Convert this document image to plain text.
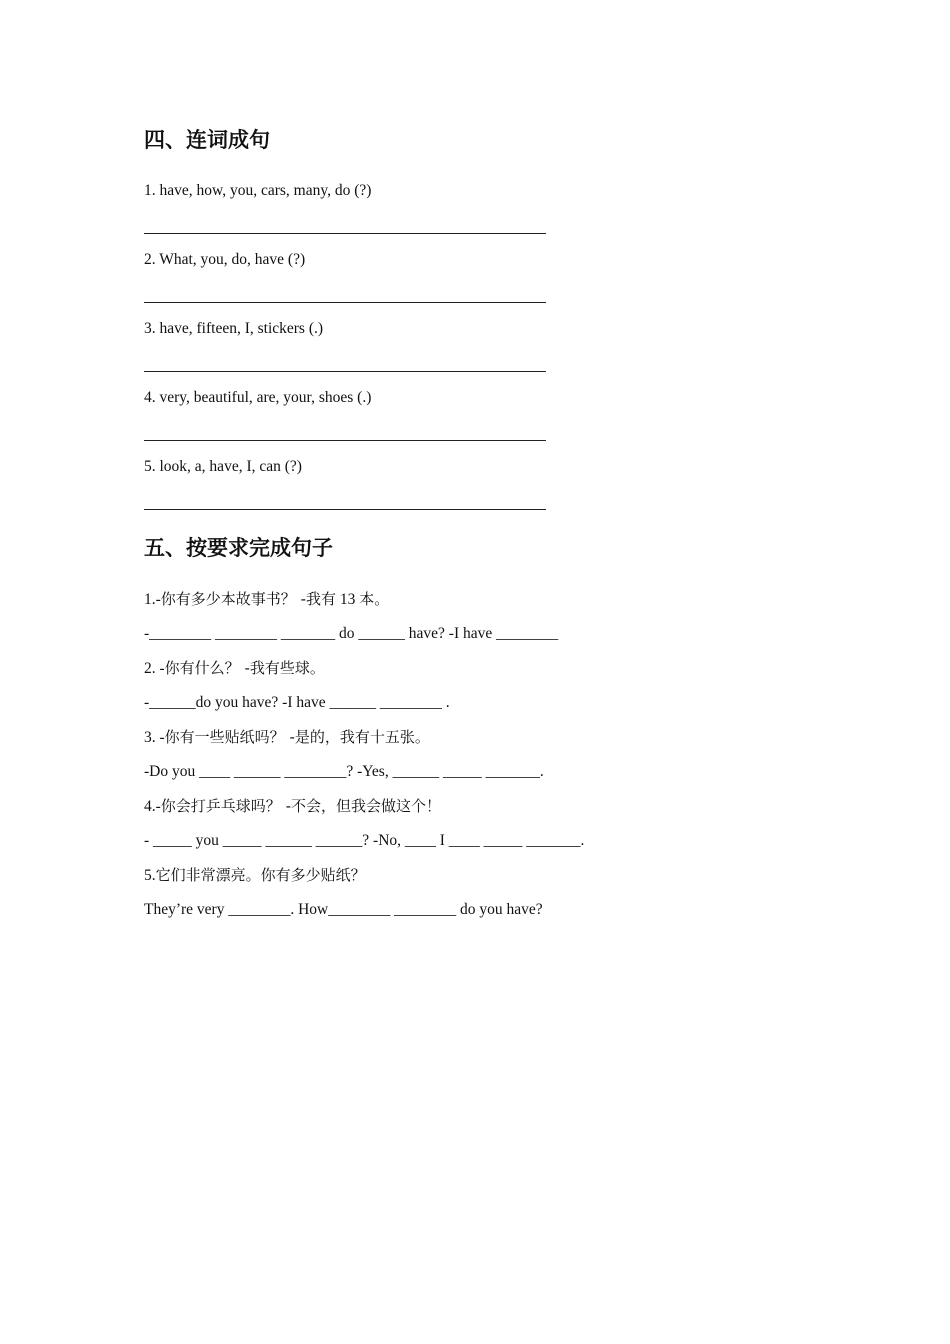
四、连词成句
1. have, how, you, cars, many, do (?)
2. What, you, do, have (?)
3. have, fifteen, I, stickers (.)
4. very, beautiful, are, your, shoes (.)
5. look, a, have, I, can (?)
五、按要求完成句子
1.-你有多少本故事书？ -我有 13 本。
-________ ________ _______ do ______ have? -I have ________
2. -你有什么？ -我有些球。
-______do you have? -I have ______ ________ .
3. -你有一些贴纸吗？ -是的，我有十五张。
-Do you ____ ______ ________? -Yes, ______ _____ _______.
4.-你会打乒乓球吗？ -不会，但我会做这个！
- _____ you _____ ______ ______? -No, ____ I ____ _____ _______.
5.它们非常漂亮。你有多少贴纸？
They’re very ________. How________ ________ do you have?
